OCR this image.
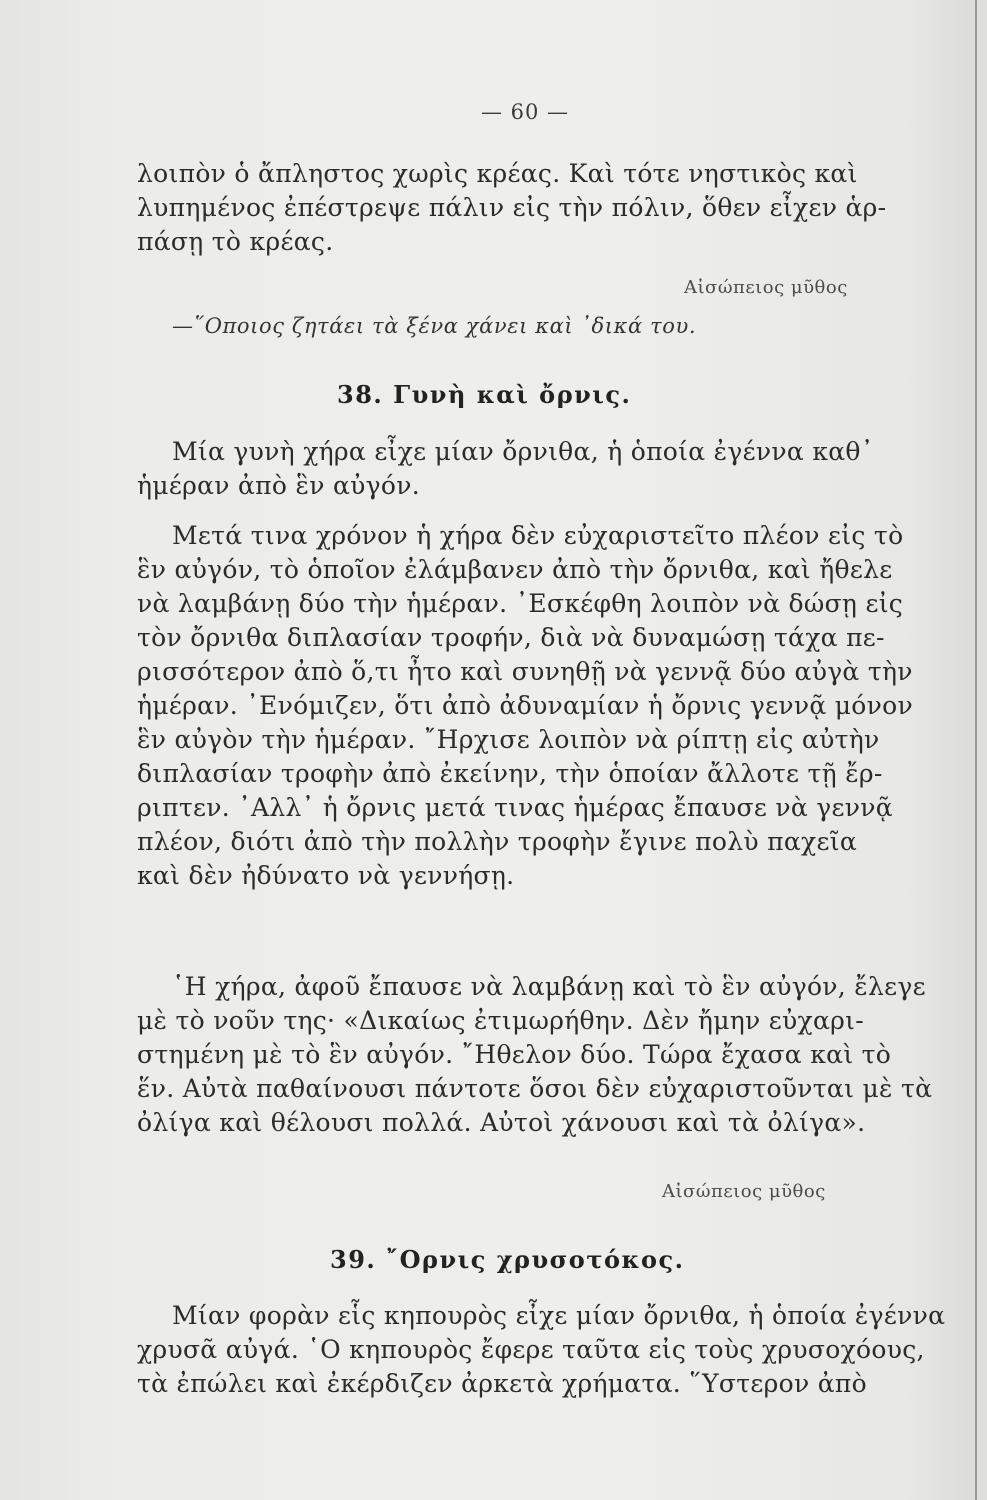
— 60 —
λοιπὸν ὁ ἄπληστος χωρὶς κρέας. Καὶ τότε νηστικὸς καὶ
λυπημένος ἐπέστρεψε πάλιν εἰς τὴν πόλιν, ὅθεν εἶχεν ἁρ-
πάσῃ τὸ κρέας.
Αἰσώπειος μῦθος
—῞Οποιος ζητάει τὰ ξένα χάνει καὶ ᾿δικά του.
38. Γυνὴ καὶ ὄρνις.
Μία γυνὴ χήρα εἶχε μίαν ὄρνιθα, ἡ ὁποία ἐγέννα καθ᾿
ἡμέραν ἀπὸ ἓν αὐγόν.
Μετά τινα χρόνον ἡ χήρα δὲν εὐχαριστεῖτο πλέον εἰς τὸ
ἓν αὐγόν, τὸ ὁποῖον ἐλάμβανεν ἀπὸ τὴν ὄρνιθα, καὶ ἤθελε
νὰ λαμβάνῃ δύο τὴν ἡμέραν. ᾿Εσκέφθη λοιπὸν νὰ δώσῃ εἰς
τὸν ὄρνιθα διπλασίαν τροφήν, διὰ νὰ δυναμώσῃ τάχα πε-
ρισσότερον ἀπὸ ὅ,τι ἦτο καὶ συνηθῇ νὰ γεννᾷ δύο αὐγὰ τὴν
ἡμέραν. ᾿Ενόμιζεν, ὅτι ἀπὸ ἀδυναμίαν ἡ ὄρνις γεννᾷ μόνον
ἓν αὐγὸν τὴν ἡμέραν. ῎Ηρχισε λοιπὸν νὰ ρίπτῃ εἰς αὐτὴν
διπλασίαν τροφὴν ἀπὸ ἐκείνην, τὴν ὁποίαν ἄλλοτε τῇ ἔρ-
ριπτεν. ᾿Αλλ᾿ ἡ ὄρνις μετά τινας ἡμέρας ἔπαυσε νὰ γεννᾷ
πλέον, διότι ἀπὸ τὴν πολλὴν τροφὴν ἔγινε πολὺ παχεῖα
καὶ δὲν ἠδύνατο νὰ γεννήσῃ.
῾Η χήρα, ἀφοῦ ἔπαυσε νὰ λαμβάνῃ καὶ τὸ ἓν αὐγόν, ἔλεγε
μὲ τὸ νοῦν της· «Δικαίως ἐτιμωρήθην. Δὲν ἤμην εὐχαρι-
στημένη μὲ τὸ ἓν αὐγόν. ῎Ηθελον δύο. Τώρα ἔχασα καὶ τὸ
ἕν. Αὐτὰ παθαίνουσι πάντοτε ὅσοι δὲν εὐχαριστοῦνται μὲ τὰ
ὀλίγα καὶ θέλουσι πολλά. Αὐτοὶ χάνουσι καὶ τὰ ὀλίγα».
Αἰσώπειος μῦθος
39. ῎Ορνις χρυσοτόκος.
Μίαν φορὰν εἷς κηπουρὸς εἶχε μίαν ὄρνιθα, ἡ ὁποία ἐγέννα
χρυσᾶ αὐγά. ῾Ο κηπουρὸς ἔφερε ταῦτα εἰς τοὺς χρυσοχόους,
τὰ ἐπώλει καὶ ἐκέρδιζεν ἀρκετὰ χρήματα. ῞Υστερον ἀπὸ
